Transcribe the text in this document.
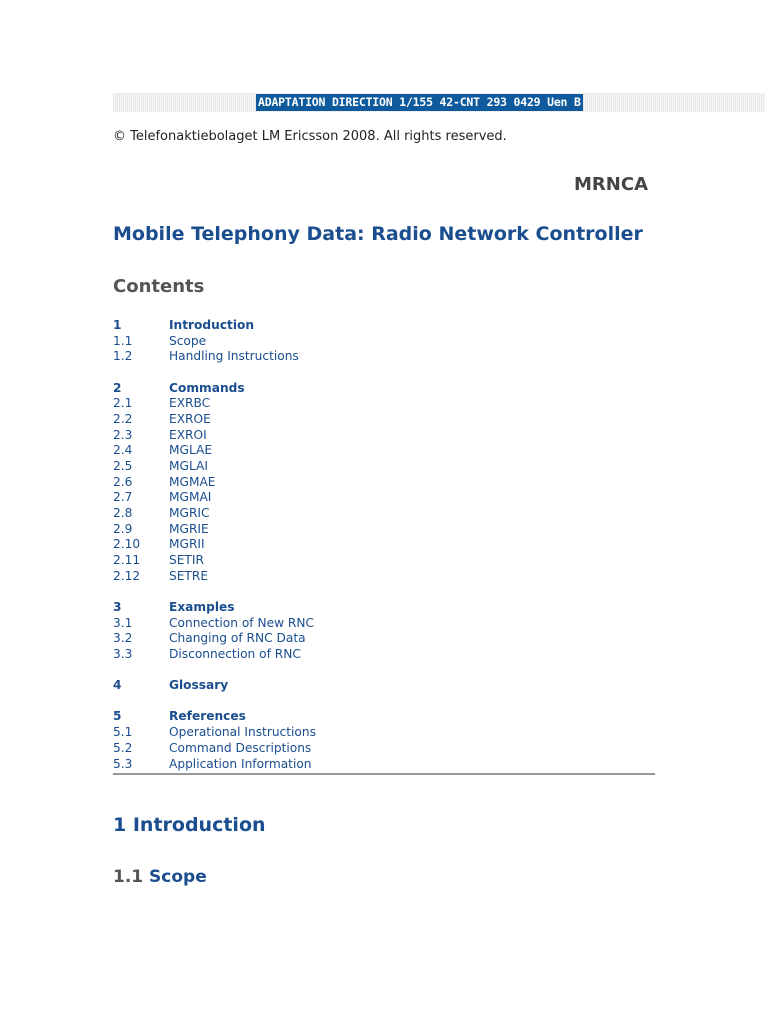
ADAPTATION DIRECTION 1/155 42-CNT 293 0429 Uen B
© Telefonaktiebolaget LM Ericsson 2008. All rights reserved.
MRNCA
Mobile Telephony Data: Radio Network Controller
Contents
1	Introduction
1.1	Scope
1.2	Handling Instructions
2	Commands
2.1	EXRBC
2.2	EXROE
2.3	EXROI
2.4	MGLAE
2.5	MGLAI
2.6	MGMAE
2.7	MGMAI
2.8	MGRIC
2.9	MGRIE
2.10	MGRII
2.11	SETIR
2.12	SETRE
3	Examples
3.1	Connection of New RNC
3.2	Changing of RNC Data
3.3	Disconnection of RNC
4	Glossary
5	References
5.1	Operational Instructions
5.2	Command Descriptions
5.3	Application Information
1 Introduction
1.1 Scope
